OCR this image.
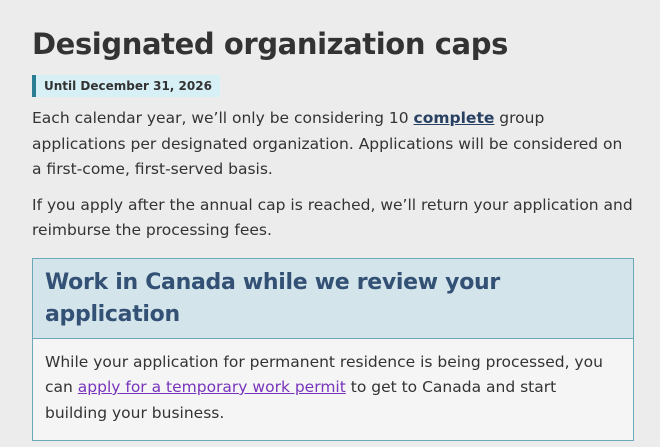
Designated organization caps
Until December 31, 2026

Each calendar year, we’ll only be considering 10 complete group applications per designated organization. Applications will be considered on a first-come, first-served basis.

If you apply after the annual cap is reached, we’ll return your application and reimburse the processing fees.

Work in Canada while we review your application

While your application for permanent residence is being processed, you can apply for a temporary work permit to get to Canada and start building your business.
